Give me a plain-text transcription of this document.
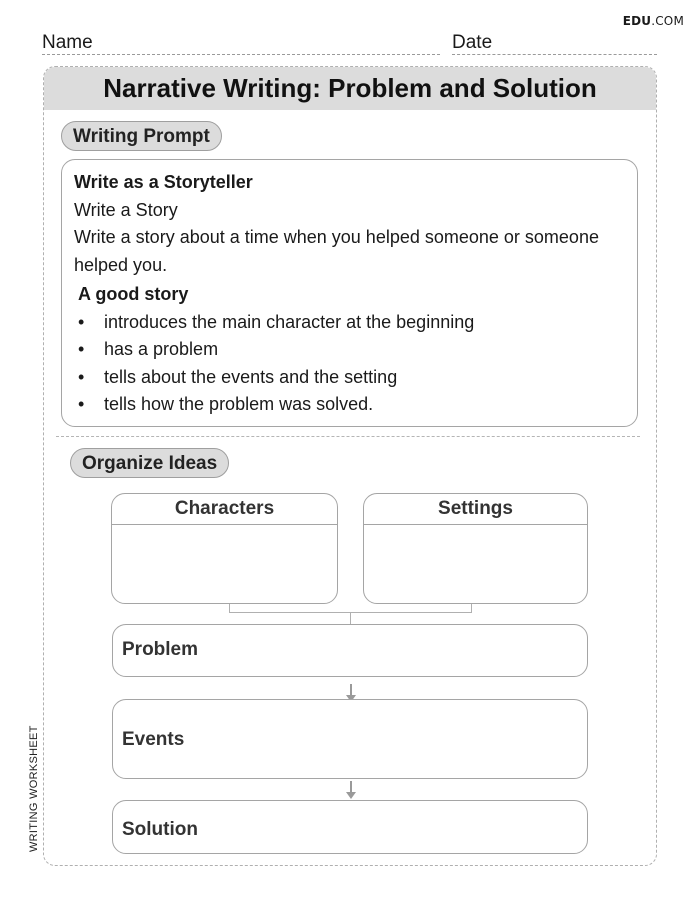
EDU.COM
Name	Date
Narrative Writing: Problem and Solution
Writing Prompt

Write as a Storyteller

Write a Story

Write a story about a time when you helped someone or someone helped you.

A good story

• introduces the main character at the beginning
• has a problem
• tells about the events and the setting
• tells how the problem was solved.
Organize Ideas
Characters	Settings
Problem
Events
Solution
WRITING WORKSHEET
